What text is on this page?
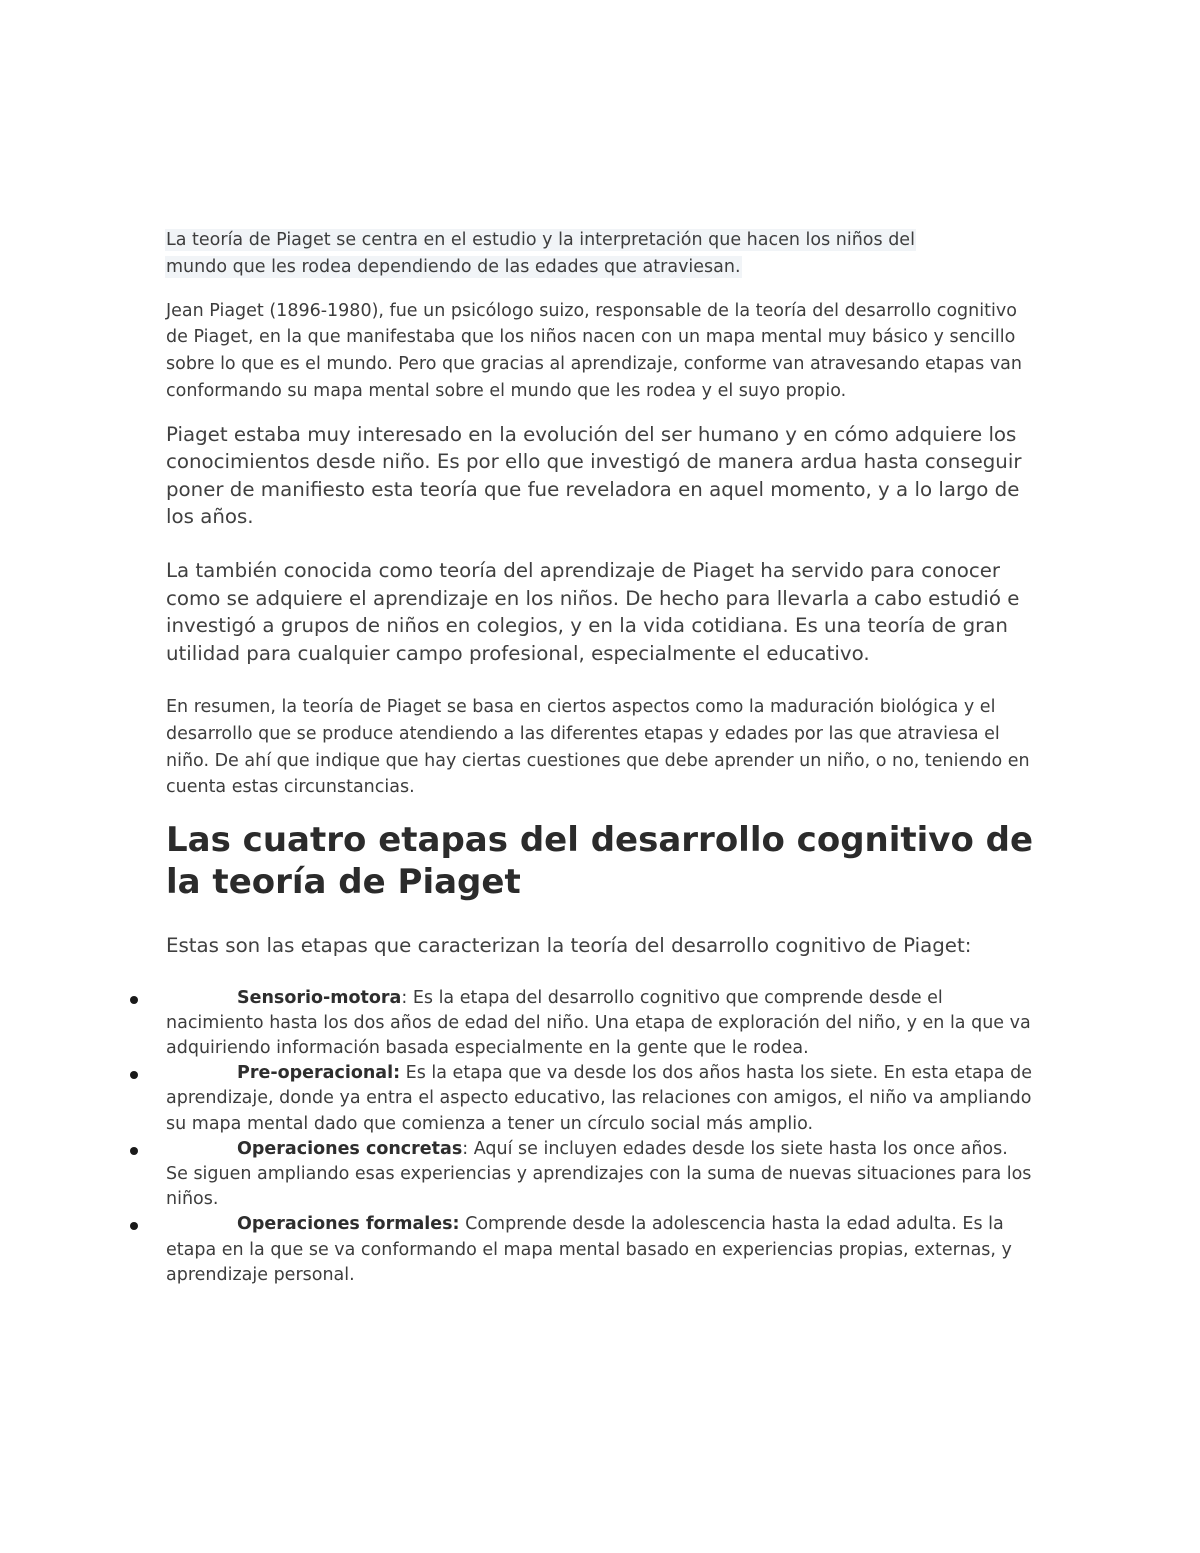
La teoría de Piaget se centra en el estudio y la interpretación que hacen los niños del
mundo que les rodea dependiendo de las edades que atraviesan.

Jean Piaget (1896-1980), fue un psicólogo suizo, responsable de la teoría del desarrollo cognitivo de Piaget, en la que manifestaba que los niños nacen con un mapa mental muy básico y sencillo sobre lo que es el mundo. Pero que gracias al aprendizaje, conforme van atravesando etapas van conformando su mapa mental sobre el mundo que les rodea y el suyo propio.

Piaget estaba muy interesado en la evolución del ser humano y en cómo adquiere los conocimientos desde niño. Es por ello que investigó de manera ardua hasta conseguir poner de manifiesto esta teoría que fue reveladora en aquel momento, y a lo largo de los años.

La también conocida como teoría del aprendizaje de Piaget ha servido para conocer como se adquiere el aprendizaje en los niños. De hecho para llevarla a cabo estudió e investigó a grupos de niños en colegios, y en la vida cotidiana. Es una teoría de gran utilidad para cualquier campo profesional, especialmente el educativo.

En resumen, la teoría de Piaget se basa en ciertos aspectos como la maduración biológica y el desarrollo que se produce atendiendo a las diferentes etapas y edades por las que atraviesa el niño. De ahí que indique que hay ciertas cuestiones que debe aprender un niño, o no, teniendo en cuenta estas circunstancias.

Las cuatro etapas del desarrollo cognitivo de la teoría de Piaget

Estas son las etapas que caracterizan la teoría del desarrollo cognitivo de Piaget:

Sensorio-motora: Es la etapa del desarrollo cognitivo que comprende desde el nacimiento hasta los dos años de edad del niño. Una etapa de exploración del niño, y en la que va adquiriendo información basada especialmente en la gente que le rodea.
Pre-operacional: Es la etapa que va desde los dos años hasta los siete. En esta etapa de aprendizaje, donde ya entra el aspecto educativo, las relaciones con amigos, el niño va ampliando su mapa mental dado que comienza a tener un círculo social más amplio.
Operaciones concretas: Aquí se incluyen edades desde los siete hasta los once años. Se siguen ampliando esas experiencias y aprendizajes con la suma de nuevas situaciones para los niños.
Operaciones formales: Comprende desde la adolescencia hasta la edad adulta. Es la etapa en la que se va conformando el mapa mental basado en experiencias propias, externas, y aprendizaje personal.
